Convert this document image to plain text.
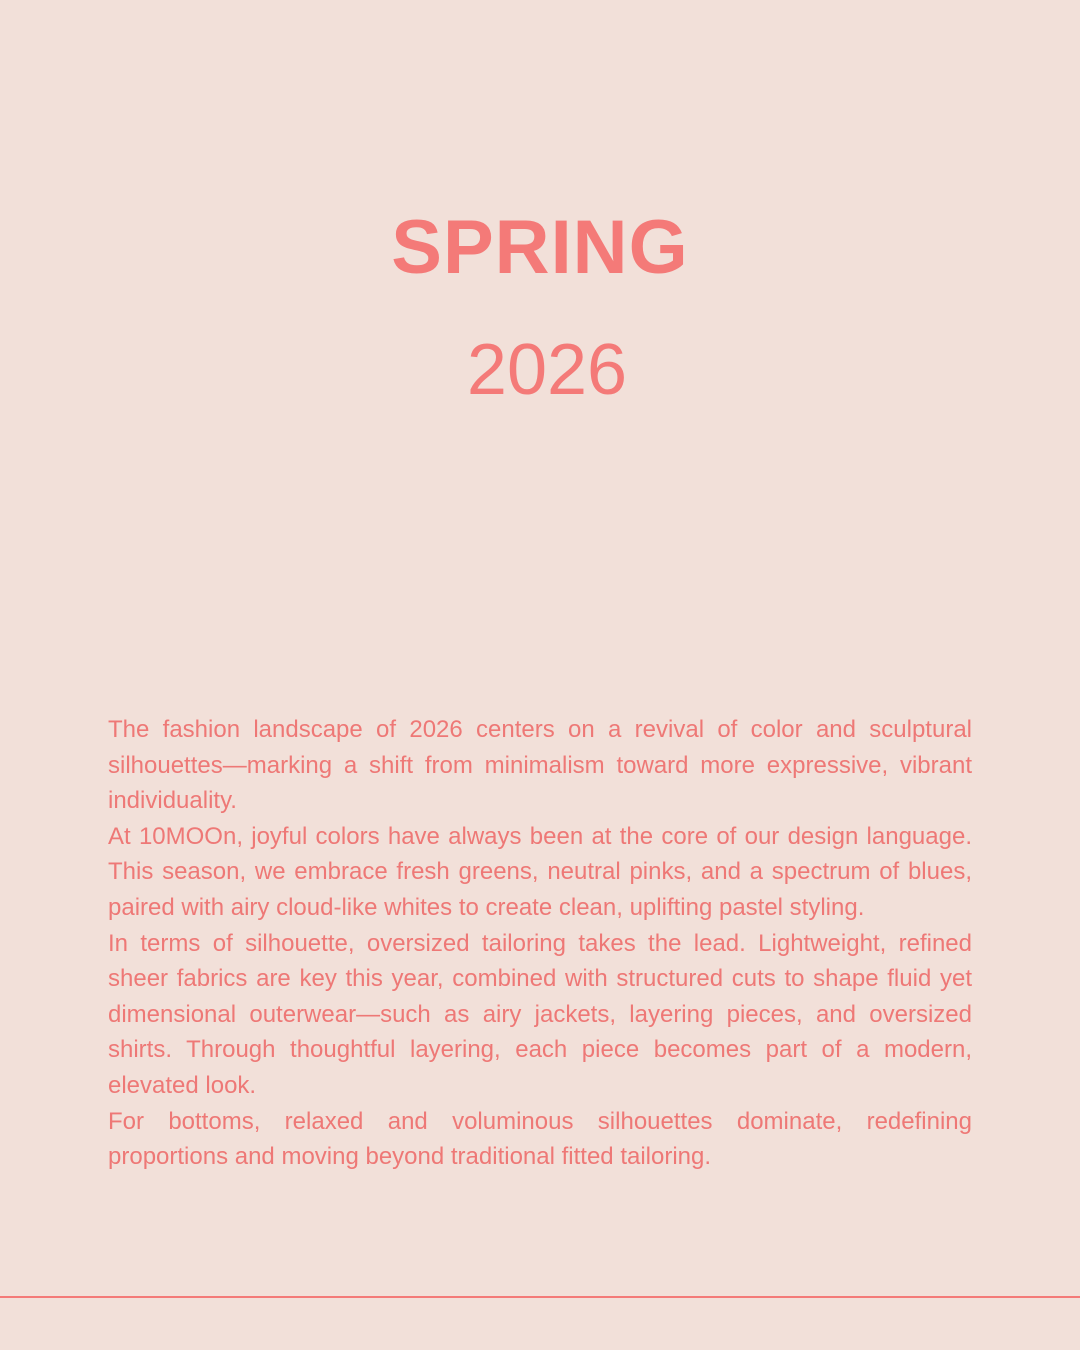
SPRING
2026

The fashion landscape of 2026 centers on a revival of color and sculptural silhouettes—marking a shift from minimalism toward more expressive, vibrant individuality.

At 10MOOn, joyful colors have always been at the core of our design language. This season, we embrace fresh greens, neutral pinks, and a spectrum of blues, paired with airy cloud-like whites to create clean, uplifting pastel styling.

In terms of silhouette, oversized tailoring takes the lead. Lightweight, refined sheer fabrics are key this year, combined with structured cuts to shape fluid yet dimensional outerwear—such as airy jackets, layering pieces, and oversized shirts. Through thoughtful layering, each piece becomes part of a modern, elevated look.

For bottoms, relaxed and voluminous silhouettes dominate, redefining proportions and moving beyond traditional fitted tailoring.
